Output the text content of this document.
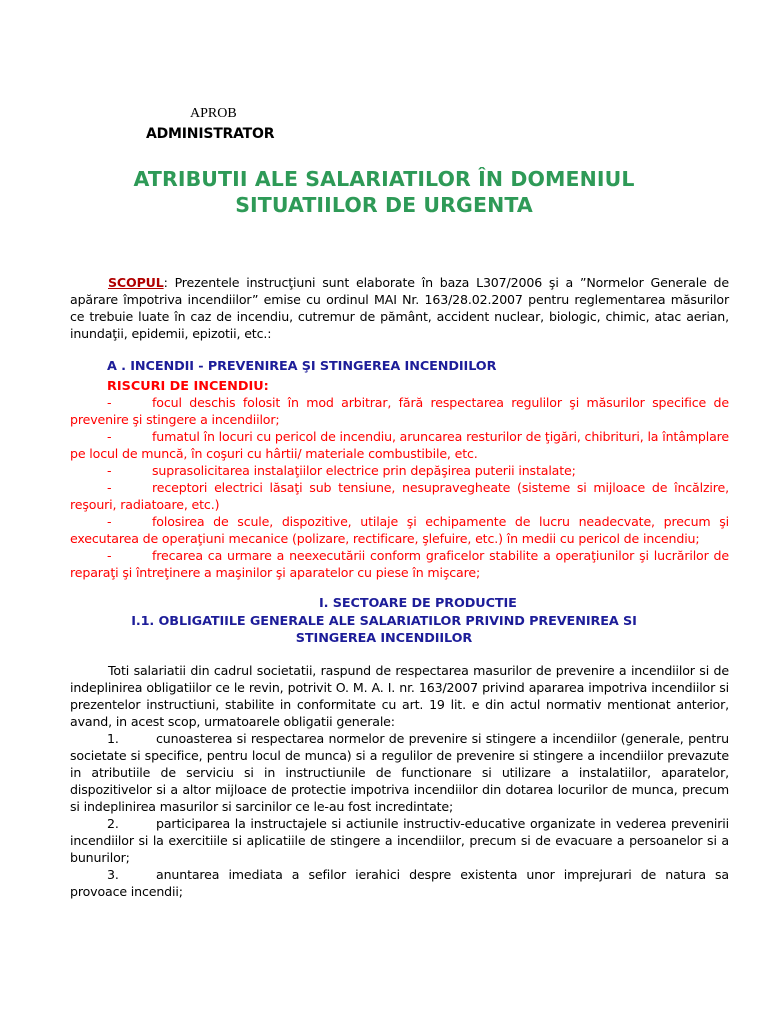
APROB
ADMINISTRATOR
ATRIBUTII ALE SALARIATILOR ÎN DOMENIUL SITUATIILOR DE URGENTA

SCOPUL: Prezentele instrucţiuni sunt elaborate în baza L307/2006 şi a ”Normelor Generale de apărare împotriva incendiilor” emise cu ordinul MAI Nr. 163/28.02.2007 pentru reglementarea măsurilor ce trebuie luate în caz de incendiu, cutremur de pământ, accident nuclear, biologic, chimic, atac aerian, inundaţii, epidemii, epizotii, etc.:

A . INCENDII - PREVENIREA ŞI STINGEREA INCENDIILOR
RISCURI DE INCENDIU:

-	focul deschis folosit în mod arbitrar, fără respectarea regulilor şi măsurilor specifice de prevenire şi stingere a incendiilor;

-	fumatul în locuri cu pericol de incendiu, aruncarea resturilor de ţigări, chibrituri, la întâmplare pe locul de muncă, în coşuri cu hârtii/ materiale combustibile, etc.

-	suprasolicitarea instalaţiilor electrice prin depăşirea puterii instalate;

-	receptori electrici lăsaţi sub tensiune, nesupravegheate (sisteme si mijloace de încălzire, reşouri, radiatoare, etc.)

-	folosirea de scule, dispozitive, utilaje şi echipamente de lucru neadecvate, precum şi executarea de operaţiuni mecanice (polizare, rectificare, şlefuire, etc.) în medii cu pericol de incendiu;

-	frecarea ca urmare a neexecutării conform graficelor stabilite a operaţiunilor şi lucrărilor de reparaţi şi întreţinere a maşinilor şi aparatelor cu piese în mişcare;

I. SECTOARE DE PRODUCTIE
I.1. OBLIGATIILE GENERALE ALE SALARIATILOR PRIVIND PREVENIREA SI STINGEREA INCENDIILOR

Toti salariatii din cadrul societatii, raspund de respectarea masurilor de prevenire a incendiilor si de indeplinirea obligatiilor ce le revin, potrivit O. M. A. I. nr. 163/2007 privind apararea impotriva incendiilor si prezentelor instructiuni, stabilite in conformitate cu art. 19 lit. e din actul normativ mentionat anterior, avand, in acest scop, urmatoarele obligatii generale:

1.	cunoasterea si respectarea normelor de prevenire si stingere a incendiilor (generale, pentru societate si specifice, pentru locul de munca) si a regulilor de prevenire si stingere a incendiilor prevazute in atributiile de serviciu si in instructiunile de functionare si utilizare a instalatiilor, aparatelor, dispozitivelor si a altor mijloace de protectie impotriva incendiilor din dotarea locurilor de munca, precum si indeplinirea masurilor si sarcinilor ce le-au fost incredintate;

2.	participarea la instructajele si actiunile instructiv-educative organizate in vederea prevenirii incendiilor si la exercitiile si aplicatiile de stingere a incendiilor, precum si de evacuare a persoanelor si a bunurilor;

3.	anuntarea imediata a sefilor ierahici despre existenta unor imprejurari de natura sa provoace incendii;
